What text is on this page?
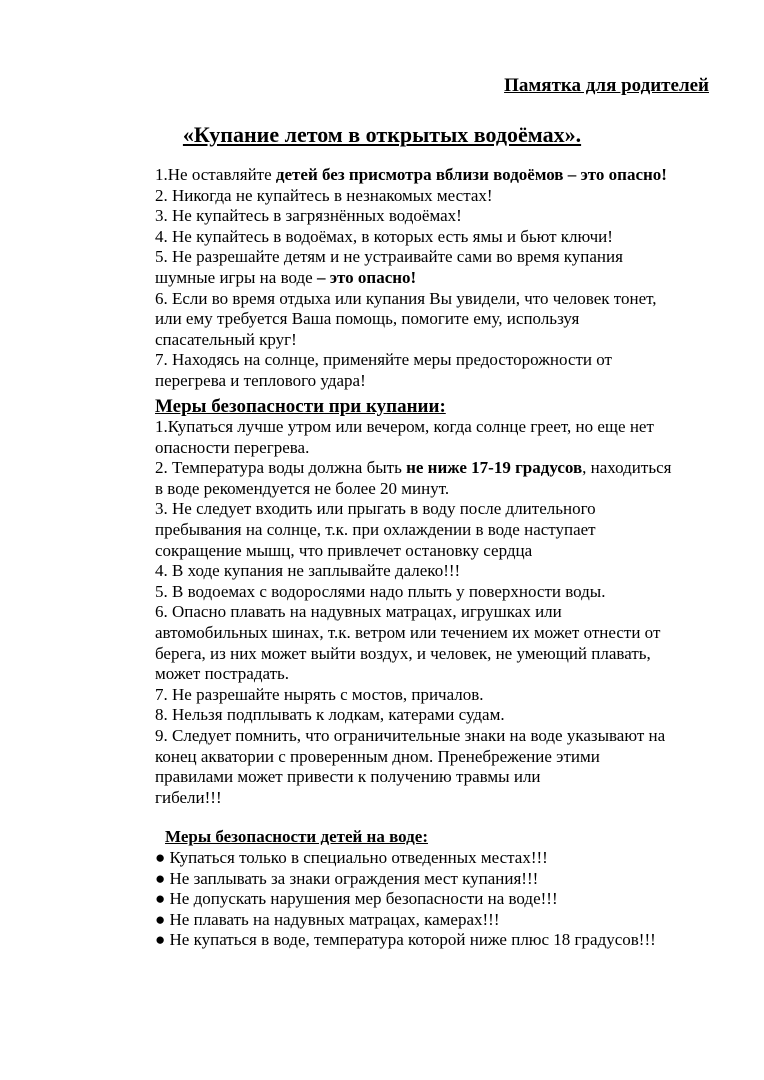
Памятка для родителей
«Купание летом в открытых водоёмах».
1.Не оставляйте детей без присмотра вблизи водоёмов – это опасно!
2. Никогда не купайтесь в незнакомых местах!
3. Не купайтесь в загрязнённых водоёмах!
4. Не купайтесь в водоёмах, в которых есть ямы и бьют ключи!
5. Не разрешайте детям и не устраивайте сами во время купания
шумные игры на воде – это опасно!
6. Если во время отдыха или купания Вы увидели, что человек тонет,
или ему требуется Ваша помощь, помогите ему, используя
спасательный круг!
7. Находясь на солнце, применяйте меры предосторожности от
перегрева и теплового удара!
Меры безопасности при купании:
1.Купаться лучше утром или вечером, когда солнце греет, но еще нет
опасности перегрева.
2. Температура воды должна быть не ниже 17-19 градусов, находиться
в воде рекомендуется не более 20 минут.
3. Не следует входить или прыгать в воду после длительного
пребывания на солнце, т.к. при охлаждении в воде наступает
сокращение мышц, что привлечет остановку сердца
4. В ходе купания не заплывайте далеко!!!
5. В водоемах с водорослями надо плыть у поверхности воды.
6. Опасно плавать на надувных матрацах, игрушках или
автомобильных шинах, т.к. ветром или течением их может отнести от
берега, из них может выйти воздух, и человек, не умеющий плавать,
может пострадать.
7. Не разрешайте нырять с мостов, причалов.
8. Нельзя подплывать к лодкам, катерами судам.
9. Следует помнить, что ограничительные знаки на воде указывают на
конец акватории с проверенным дном. Пренебрежение этими
правилами может привести к получению травмы или
гибели!!!
Меры безопасности детей на воде:
● Купаться только в специально отведенных местах!!!
● Не заплывать за знаки ограждения мест купания!!!
● Не допускать нарушения мер безопасности на воде!!!
● Не плавать на надувных матрацах, камерах!!!
● Не купаться в воде, температура которой ниже плюс 18 градусов!!!
